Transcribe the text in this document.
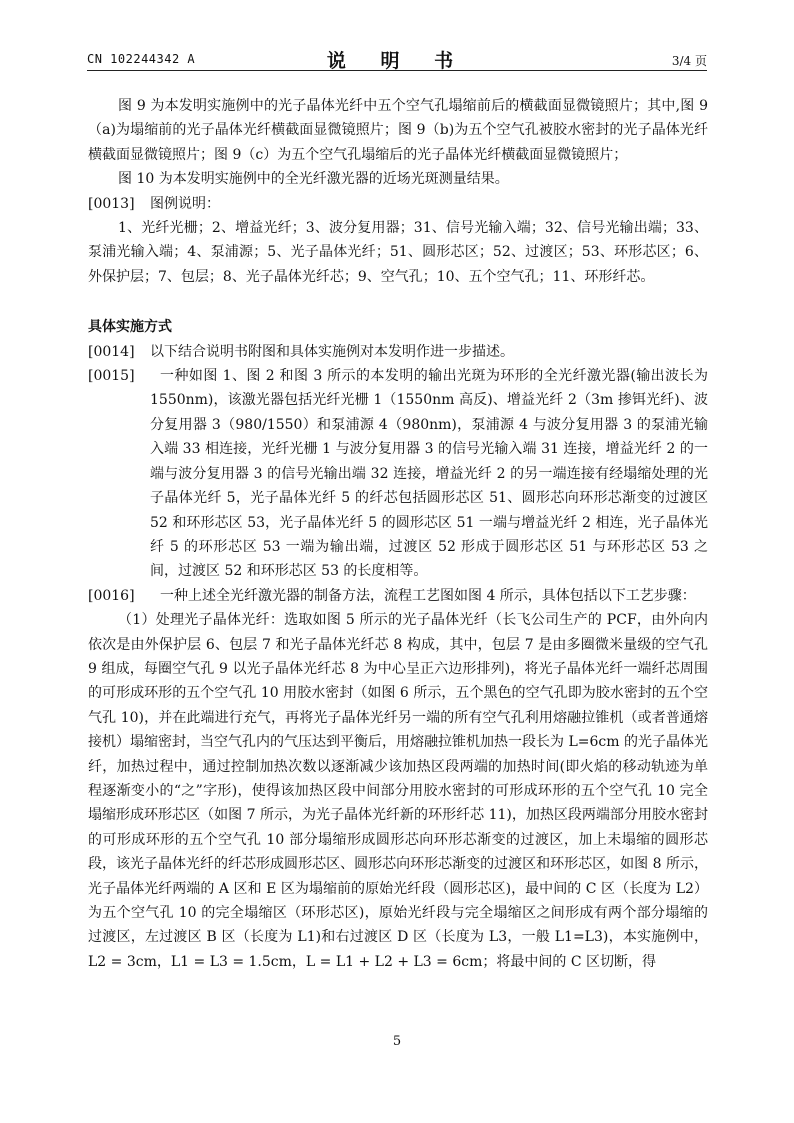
CN 102244342 A	说 明 书	3/4 页

图 9 为本发明实施例中的光子晶体光纤中五个空气孔塌缩前后的横截面显微镜照片；其中,图 9（a)为塌缩前的光子晶体光纤横截面显微镜照片；图 9（b)为五个空气孔被胶水密封的光子晶体光纤横截面显微镜照片；图 9（c）为五个空气孔塌缩后的光子晶体光纤横截面显微镜照片；

图 10 为本发明实施例中的全光纤激光器的近场光斑测量结果。

[0013]	图例说明：

1、光纤光栅；2、增益光纤；3、波分复用器；31、信号光输入端；32、信号光输出端；33、泵浦光输入端；4、泵浦源；5、光子晶体光纤；51、圆形芯区；52、过渡区；53、环形芯区；6、外保护层；7、包层；8、光子晶体光纤芯；9、空气孔；10、五个空气孔；11、环形纤芯。

具体实施方式
[0014]	以下结合说明书附图和具体实施例对本发明作进一步描述。
[0015]	一种如图 1、图 2 和图 3 所示的本发明的输出光斑为环形的全光纤激光器(输出波长为 1550nm)，该激光器包括光纤光栅 1（1550nm 高反)、增益光纤 2（3m 掺铒光纤)、波分复用器 3（980/1550）和泵浦源 4（980nm)，泵浦源 4 与波分复用器 3 的泵浦光输入端 33 相连接，光纤光栅 1 与波分复用器 3 的信号光输入端 31 连接，增益光纤 2 的一端与波分复用器 3 的信号光输出端 32 连接，增益光纤 2 的另一端连接有经塌缩处理的光子晶体光纤 5，光子晶体光纤 5 的纤芯包括圆形芯区 51、圆形芯向环形芯渐变的过渡区 52 和环形芯区 53，光子晶体光纤 5 的圆形芯区 51 一端与增益光纤 2 相连，光子晶体光纤 5 的环形芯区 53 一端为输出端，过渡区 52 形成于圆形芯区 51 与环形芯区 53 之间，过渡区 52 和环形芯区 53 的长度相等。
[0016]	一种上述全光纤激光器的制备方法，流程工艺图如图 4 所示，具体包括以下工艺步骤：

（1）处理光子晶体光纤：选取如图 5 所示的光子晶体光纤（长飞公司生产的 PCF，由外向内依次是由外保护层 6、包层 7 和光子晶体光纤芯 8 构成，其中，包层 7 是由多圈微米量级的空气孔 9 组成，每圈空气孔 9 以光子晶体光纤芯 8 为中心呈正六边形排列)，将光子晶体光纤一端纤芯周围的可形成环形的五个空气孔 10 用胶水密封（如图 6 所示，五个黑色的空气孔即为胶水密封的五个空气孔 10)，并在此端进行充气，再将光子晶体光纤另一端的所有空气孔利用熔融拉锥机（或者普通熔接机）塌缩密封，当空气孔内的气压达到平衡后，用熔融拉锥机加热一段长为 L=6cm 的光子晶体光纤，加热过程中，通过控制加热次数以逐渐减少该加热区段两端的加热时间(即火焰的移动轨迹为单程逐渐变小的“之”字形)，使得该加热区段中间部分用胶水密封的可形成环形的五个空气孔 10 完全塌缩形成环形芯区（如图 7 所示，为光子晶体光纤新的环形纤芯 11)，加热区段两端部分用胶水密封的可形成环形的五个空气孔 10 部分塌缩形成圆形芯向环形芯渐变的过渡区，加上未塌缩的圆形芯段，该光子晶体光纤的纤芯形成圆形芯区、圆形芯向环形芯渐变的过渡区和环形芯区，如图 8 所示，光子晶体光纤两端的 A 区和 E 区为塌缩前的原始光纤段（圆形芯区)，最中间的 C 区（长度为 L2）为五个空气孔 10 的完全塌缩区（环形芯区)，原始光纤段与完全塌缩区之间形成有两个部分塌缩的过渡区，左过渡区 B 区（长度为 L1)和右过渡区 D 区（长度为 L3，一般 L1=L3)，本实施例中，L2 = 3cm，L1 = L3 = 1.5cm，L = L1 + L2 + L3 = 6cm；将最中间的 C 区切断，得

5
